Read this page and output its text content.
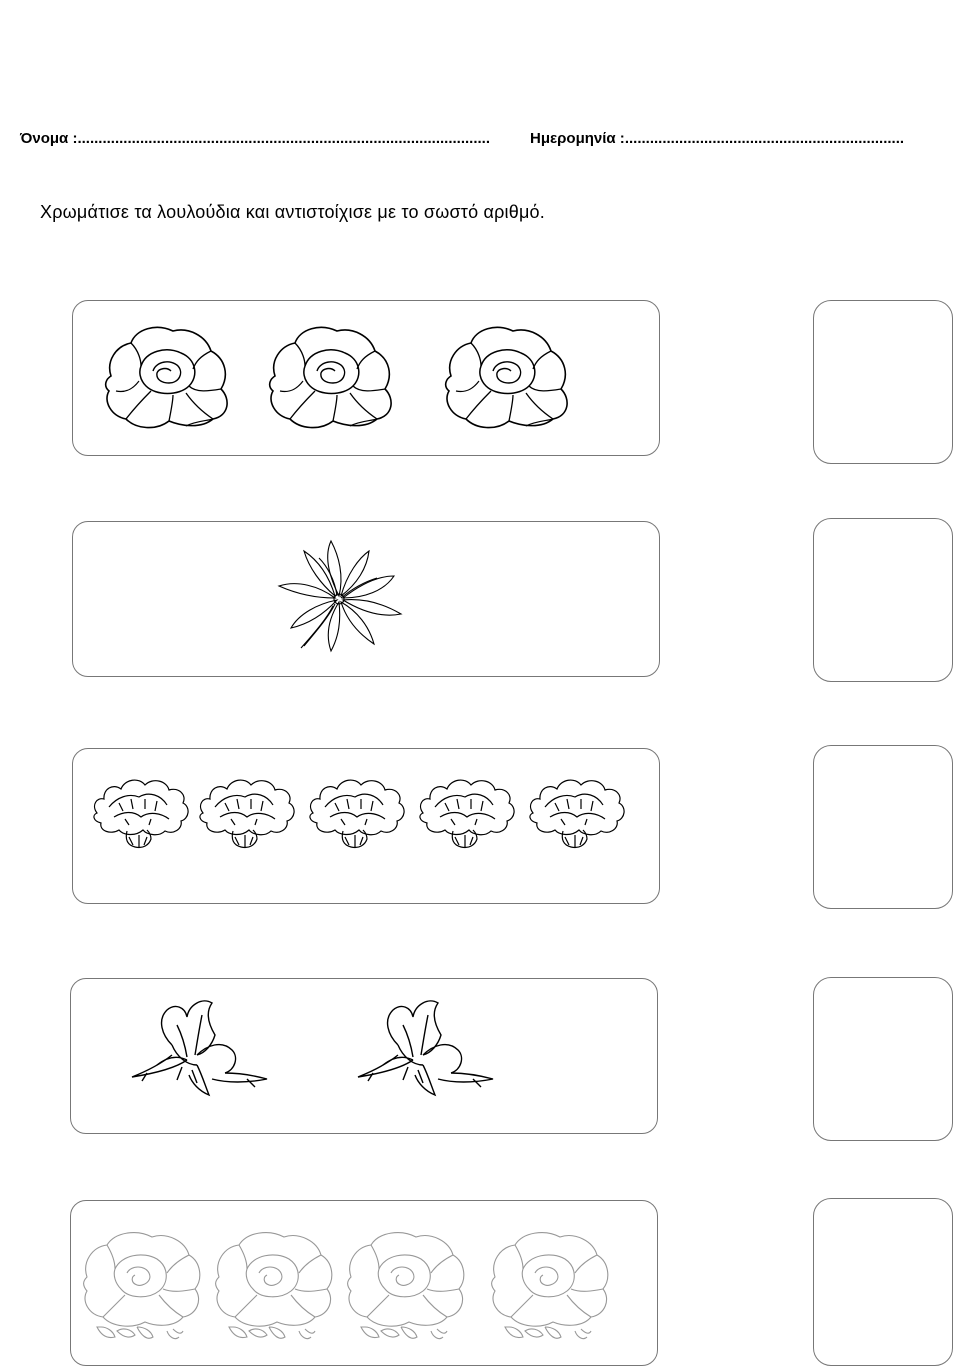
Όνομα :...................................................................................................	Ημερομηνία :...................................................................
Χρωμάτισε τα λουλούδια και αντιστοίχισε με το σωστό αριθμό.
